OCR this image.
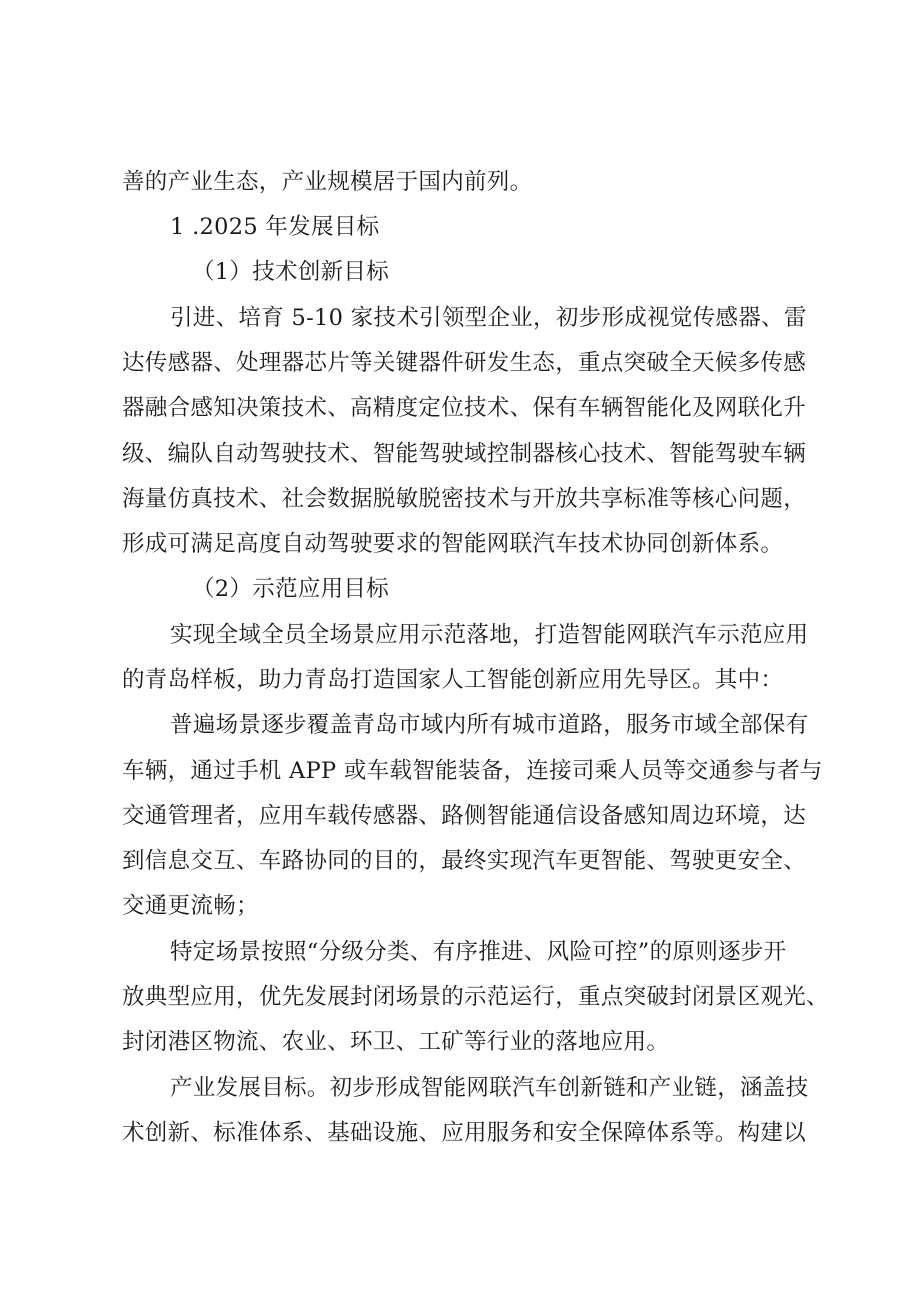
善的产业生态，产业规模居于国内前列。
1 .2025 年发展目标
（1）技术创新目标
引进、培育 5-10 家技术引领型企业，初步形成视觉传感器、雷
达传感器、处理器芯片等关键器件研发生态，重点突破全天候多传感
器融合感知决策技术、高精度定位技术、保有车辆智能化及网联化升
级、编队自动驾驶技术、智能驾驶域控制器核心技术、智能驾驶车辆
海量仿真技术、社会数据脱敏脱密技术与开放共享标准等核心问题，
形成可满足高度自动驾驶要求的智能网联汽车技术协同创新体系。
（2）示范应用目标
实现全域全员全场景应用示范落地，打造智能网联汽车示范应用
的青岛样板，助力青岛打造国家人工智能创新应用先导区。其中：
普遍场景逐步覆盖青岛市域内所有城市道路，服务市域全部保有
车辆，通过手机 APP 或车载智能装备，连接司乘人员等交通参与者与
交通管理者，应用车载传感器、路侧智能通信设备感知周边环境，达
到信息交互、车路协同的目的，最终实现汽车更智能、驾驶更安全、
交通更流畅；
特定场景按照“分级分类、有序推进、风险可控”的原则逐步开
放典型应用，优先发展封闭场景的示范运行，重点突破封闭景区观光、
封闭港区物流、农业、环卫、工矿等行业的落地应用。
产业发展目标。初步形成智能网联汽车创新链和产业链，涵盖技
术创新、标准体系、基础设施、应用服务和安全保障体系等。构建以
